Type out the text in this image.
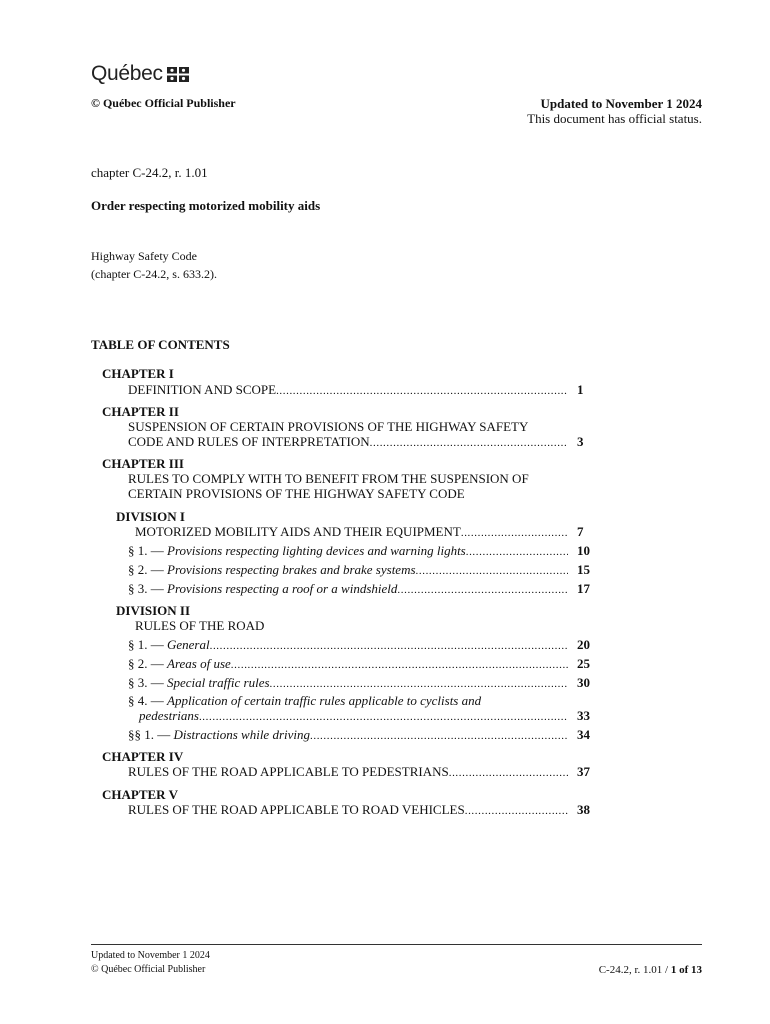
Québec
© Québec Official Publisher	Updated to November 1 2024
This document has official status.
chapter C-24.2, r. 1.01
Order respecting motorized mobility aids
Highway Safety Code
(chapter C-24.2, s. 633.2).
TABLE OF CONTENTS
CHAPTER I
DEFINITION AND SCOPE .....	1
CHAPTER II
SUSPENSION OF CERTAIN PROVISIONS OF THE HIGHWAY SAFETY
CODE AND RULES OF INTERPRETATION .....	3
CHAPTER III
RULES TO COMPLY WITH TO BENEFIT FROM THE SUSPENSION OF
CERTAIN PROVISIONS OF THE HIGHWAY SAFETY CODE
DIVISION I
MOTORIZED MOBILITY AIDS AND THEIR EQUIPMENT .....	7
§ 1. — Provisions respecting lighting devices and warning lights .....	10
§ 2. — Provisions respecting brakes and brake systems .....	15
§ 3. — Provisions respecting a roof or a windshield .....	17
DIVISION II
RULES OF THE ROAD
§ 1. — General .....	20
§ 2. — Areas of use .....	25
§ 3. — Special traffic rules .....	30
§ 4. — Application of certain traffic rules applicable to cyclists and
pedestrians .....	33
§§ 1. — Distractions while driving .....	34
CHAPTER IV
RULES OF THE ROAD APPLICABLE TO PEDESTRIANS .....	37
CHAPTER V
RULES OF THE ROAD APPLICABLE TO ROAD VEHICLES .....	38
Updated to November 1 2024
© Québec Official Publisher	C-24.2, r. 1.01 / 1 of 13
